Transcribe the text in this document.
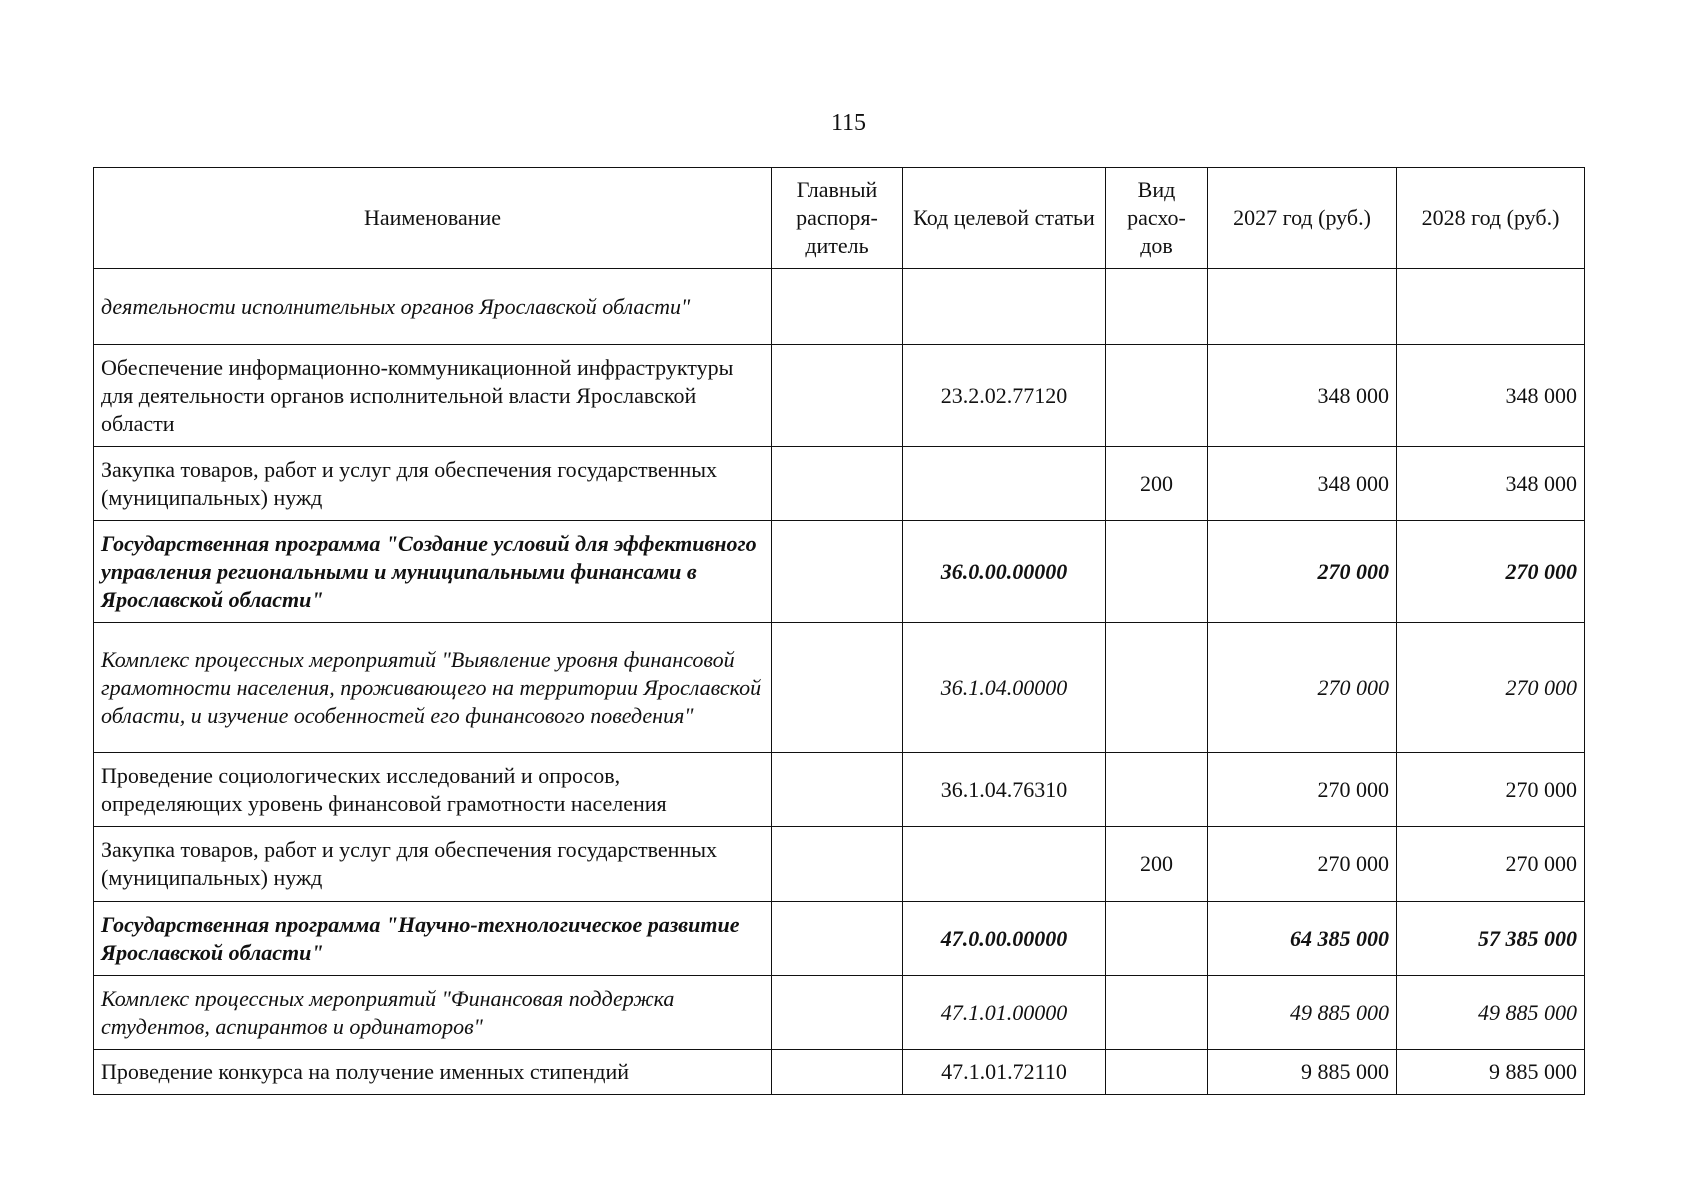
115
Наименование	Главный распоря-дитель	Код целевой статьи	Вид расхо-дов	2027 год (руб.)	2028 год (руб.)
деятельности исполнительных органов Ярославской области"					
Обеспечение информационно-коммуникационной инфраструктуры для деятельности органов исполнительной власти Ярославской области		23.2.02.77120		348 000	348 000
Закупка товаров, работ и услуг для обеспечения государственных (муниципальных) нужд			200	348 000	348 000
Государственная программа "Создание условий для эффективного управления региональными и муниципальными финансами в Ярославской области"		36.0.00.00000		270 000	270 000
Комплекс процессных мероприятий "Выявление уровня финансовой грамотности населения, проживающего на территории Ярославской области, и изучение особенностей его финансового поведения"		36.1.04.00000		270 000	270 000
Проведение социологических исследований и опросов, определяющих уровень финансовой грамотности населения		36.1.04.76310		270 000	270 000
Закупка товаров, работ и услуг для обеспечения государственных (муниципальных) нужд			200	270 000	270 000
Государственная программа "Научно-технологическое развитие Ярославской области"		47.0.00.00000		64 385 000	57 385 000
Комплекс процессных мероприятий "Финансовая поддержка студентов, аспирантов и ординаторов"		47.1.01.00000		49 885 000	49 885 000
Проведение конкурса на получение именных стипендий		47.1.01.72110		9 885 000	9 885 000
